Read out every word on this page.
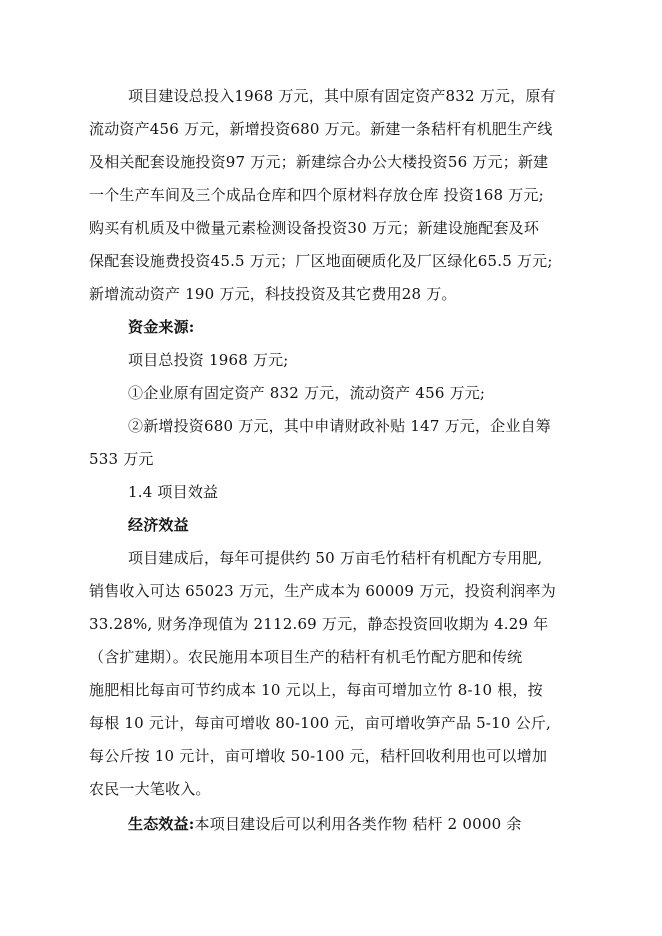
项目建设总投入1968 万元，其中原有固定资产832 万元，原有
流动资产456 万元，新增投资680 万元。新建一条秸杆有机肥生产线
及相关配套设施投资97 万元；新建综合办公大楼投资56 万元；新建
一个生产车间及三个成品仓库和四个原材料存放仓库 投资168 万元;
购买有机质及中微量元素检测设备投资30 万元；新建设施配套及环
保配套设施费投资45.5 万元；厂区地面硬质化及厂区绿化65.5 万元;
新增流动资产 190 万元，科技投资及其它费用28 万。
资金来源:
项目总投资 1968 万元;
①企业原有固定资产 832 万元，流动资产 456 万元;
②新增投资680 万元，其中申请财政补贴 147 万元，企业自筹
533 万元
1.4 项目效益
经济效益
项目建成后，每年可提供约 50 万亩毛竹秸杆有机配方专用肥,
销售收入可达 65023 万元，生产成本为 60009 万元，投资利润率为
33.28%, 财务净现值为 2112.69 万元，静态投资回收期为 4.29 年
（含扩建期）。农民施用本项目生产的秸杆有机毛竹配方肥和传统
施肥相比每亩可节约成本 10 元以上，每亩可增加立竹 8-10 根，按
每根 10 元计，每亩可增收 80-100 元，亩可增收笋产品 5-10 公斤,
每公斤按 10 元计，亩可增收 50-100 元，秸杆回收利用也可以增加
农民一大笔收入。
生态效益:本项目建设后可以利用各类作物 秸杆 2 0000 余
